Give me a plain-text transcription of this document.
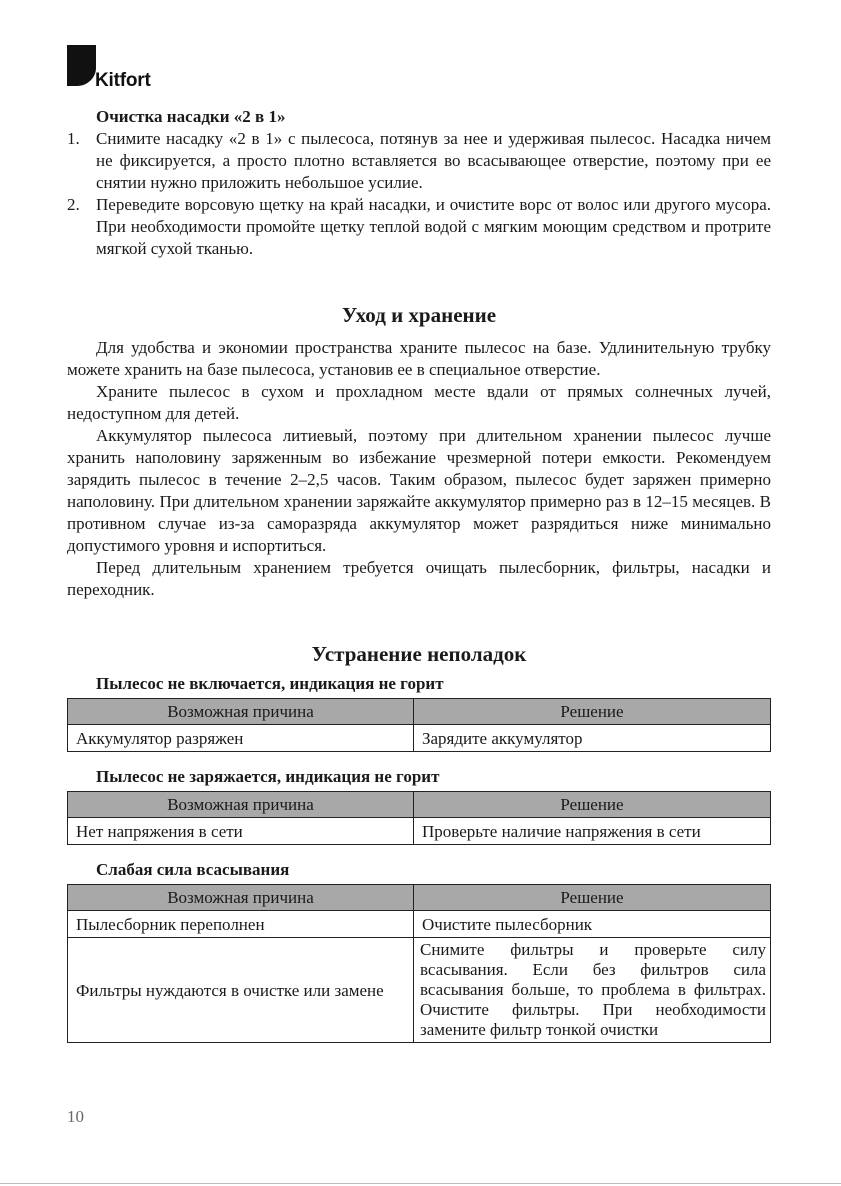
Kitfort
Очистка насадки «2 в 1»
1. Снимите насадку «2 в 1» с пылесоса, потянув за нее и удерживая пылесос. Насадка ничем не фиксируется, а просто плотно вставляется во всасывающее отверстие, поэтому при ее снятии нужно приложить небольшое усилие.
2. Переведите ворсовую щетку на край насадки, и очистите ворс от волос или другого мусора. При необходимости промойте щетку теплой водой с мягким моющим средством и протрите мягкой сухой тканью.
Уход и хранение

Для удобства и экономии пространства храните пылесос на базе. Удлинительную трубку можете хранить на базе пылесоса, установив ее в специальное отверстие.

Храните пылесос в сухом и прохладном месте вдали от прямых солнечных лучей, недоступном для детей.

Аккумулятор пылесоса литиевый, поэтому при длительном хранении пылесос лучше хранить наполовину заряженным во избежание чрезмерной потери емкости. Рекомендуем зарядить пылесос в течение 2–2,5 часов. Таким образом, пылесос будет заряжен примерно наполовину. При длительном хранении заряжайте аккумулятор примерно раз в 12–15 месяцев. В противном случае из-за саморазряда аккумулятор может разрядиться ниже минимально допустимого уровня и испортиться.

Перед длительным хранением требуется очищать пылесборник, фильтры, насадки и переходник.

Устранение неполадок
Пылесос не включается, индикация не горит
Возможная причина	Решение
Аккумулятор разряжен	Зарядите аккумулятор
Пылесос не заряжается, индикация не горит
Возможная причина	Решение
Нет напряжения в сети	Проверьте наличие напряжения в сети
Слабая сила всасывания
Возможная причина	Решение
Пылесборник переполнен	Очистите пылесборник
Фильтры нуждаются в очистке или замене	Снимите фильтры и проверьте силу всасывания. Если без фильтров сила всасывания больше, то проблема в фильтрах. Очистите фильтры. При необходимости замените фильтр тонкой очистки
10
